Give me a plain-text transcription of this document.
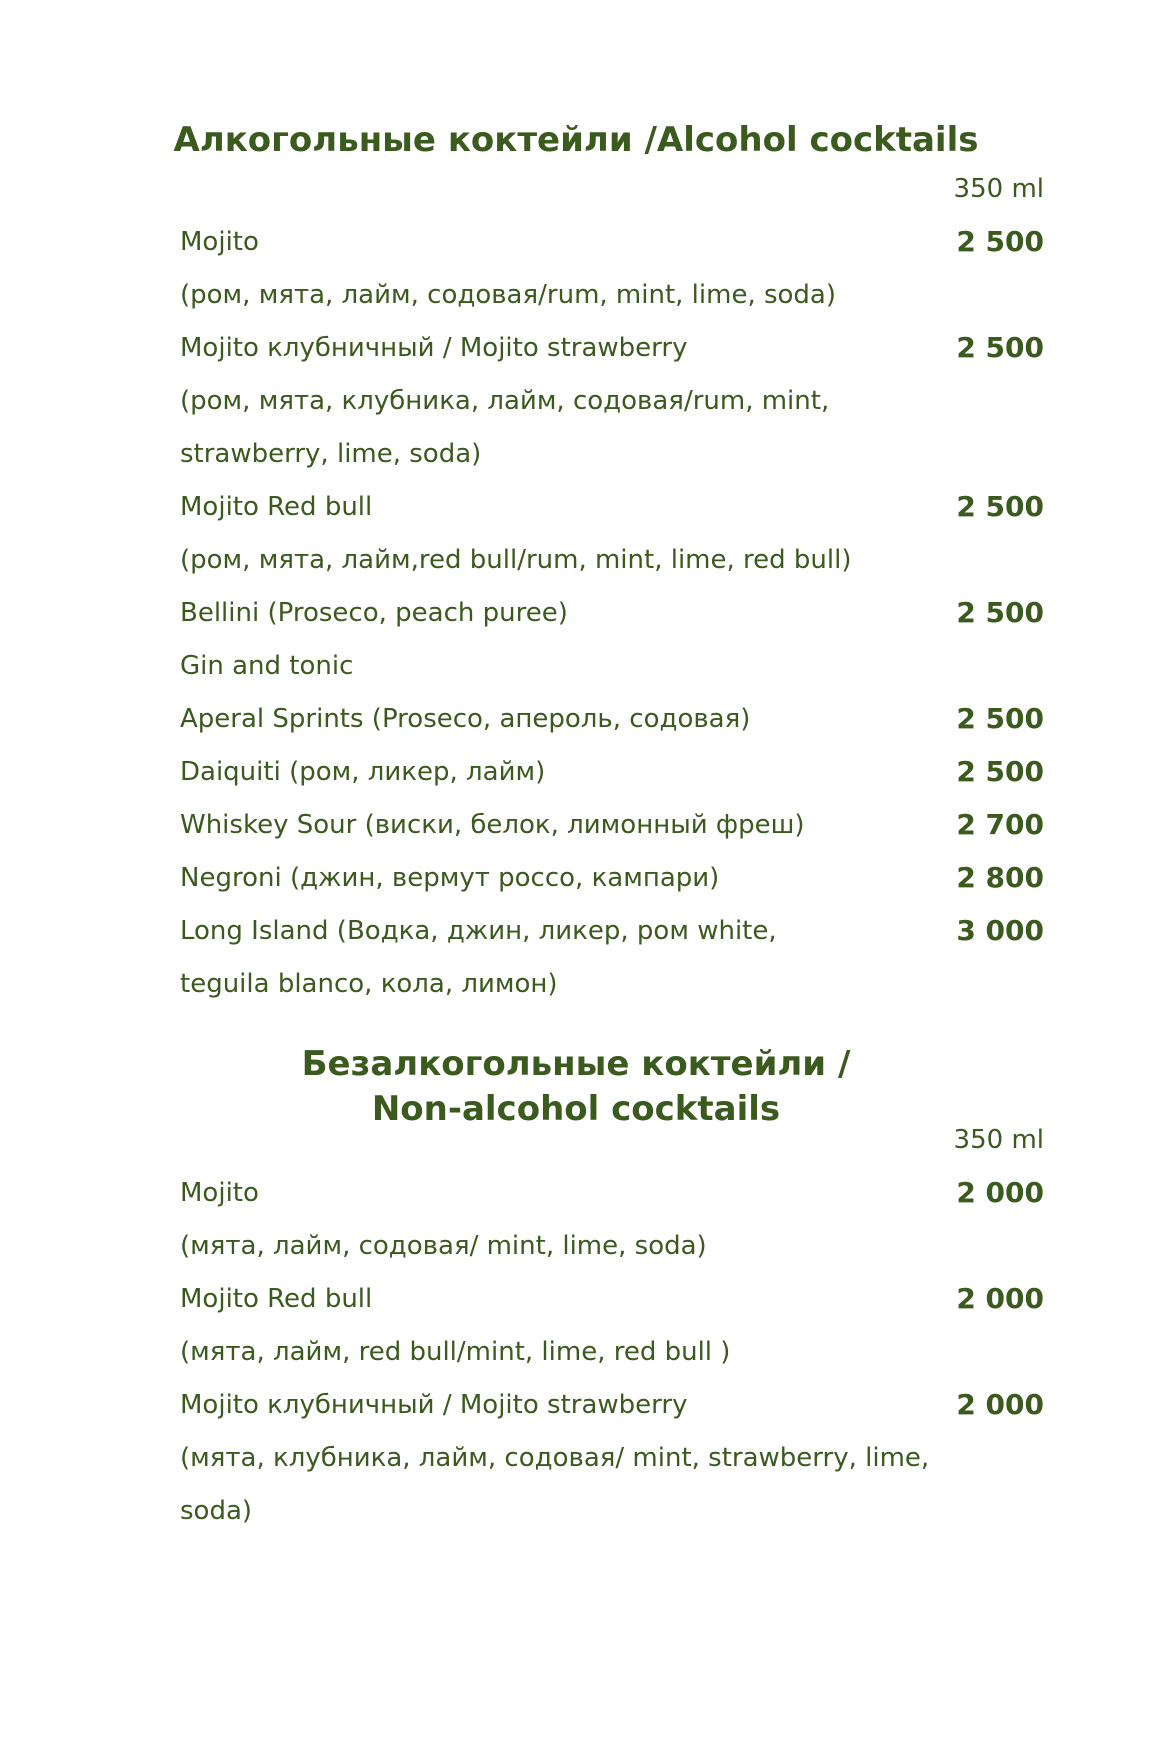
Алкогольные коктейли /Alcohol cocktails
350 ml
Mojito	2 500
(ром, мята, лайм, содовая/rum, mint, lime, soda)
Mojito клубничный / Mojito strawberry	2 500
(ром, мята, клубника, лайм, содовая/rum, mint,
strawberry, lime, soda)
Mojito Red bull	2 500
(ром, мята, лайм,red bull/rum, mint, lime, red bull)
Bellini (Proseco, peach puree)	2 500
Gin and tonic
Aperal Sprints (Proseco, апероль, содовая)	2 500
Daiquiti (ром, ликер, лайм)	2 500
Whiskey Sour (виски, белок, лимонный фреш)	2 700
Negroni (джин, вермут россо, кампари)	2 800
Long Island (Водка, джин, ликер, ром white,	3 000
teguila blanco, кола, лимон)
Безалкогольные коктейли /
Non-alcohol cocktails
350 ml
Mojito	2 000
(мята, лайм, содовая/ mint, lime, soda)
Mojito Red bull	2 000
(мята, лайм, red bull/mint, lime, red bull )
Mojito клубничный / Mojito strawberry	2 000
(мята, клубника, лайм, содовая/ mint, strawberry, lime,
soda)
